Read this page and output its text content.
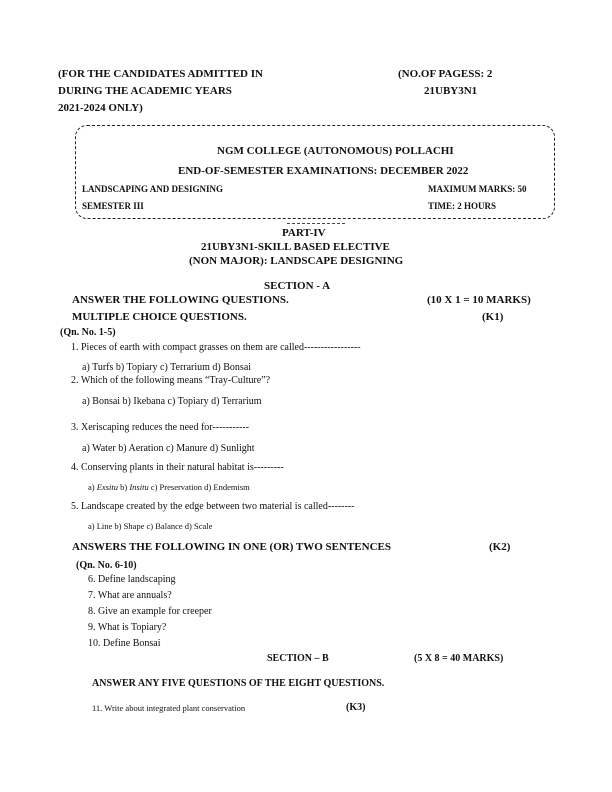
(FOR THE CANDIDATES ADMITTED IN
DURING THE ACADEMIC YEARS
2021-2024 ONLY)
(NO.OF PAGESS: 2
21UBY3N1
NGM COLLEGE (AUTONOMOUS) POLLACHI
END-OF-SEMESTER EXAMINATIONS: DECEMBER 2022
LANDSCAPING AND DESIGNING	MAXIMUM MARKS: 50
SEMESTER III	TIME: 2 HOURS
PART-IV
21UBY3N1-SKILL BASED ELECTIVE
(NON MAJOR): LANDSCAPE DESIGNING
SECTION - A
ANSWER THE FOLLOWING QUESTIONS.	(10 X 1 = 10 MARKS)
MULTIPLE CHOICE QUESTIONS.	(K1)
(Qn. No. 1-5)
1. Pieces of earth with compact grasses on them are called-----------------
a) Turfs b) Topiary c) Terrarium d) Bonsai
2. Which of the following means “Tray-Culture”?
a) Bonsai b) Ikebana c) Topiary d) Terrarium
3. Xeriscaping reduces the need for-----------
a) Water b) Aeration c) Manure d) Sunlight
4. Conserving plants in their natural habitat is---------
a) Exsitu b) Insitu c) Preservation d) Endemism
5. Landscape created by the edge between two material is called--------
a) Line b) Shape c) Balance d) Scale
ANSWERS THE FOLLOWING IN ONE (OR) TWO SENTENCES	(K2)
(Qn. No. 6-10)
6. Define landscaping
7. What are annuals?
8. Give an example for creeper
9. What is Topiary?
10. Define Bonsai
SECTION – B	(5 X 8 = 40 MARKS)
ANSWER ANY FIVE QUESTIONS OF THE EIGHT QUESTIONS.
11. Write about integrated plant conservation	(K3)
